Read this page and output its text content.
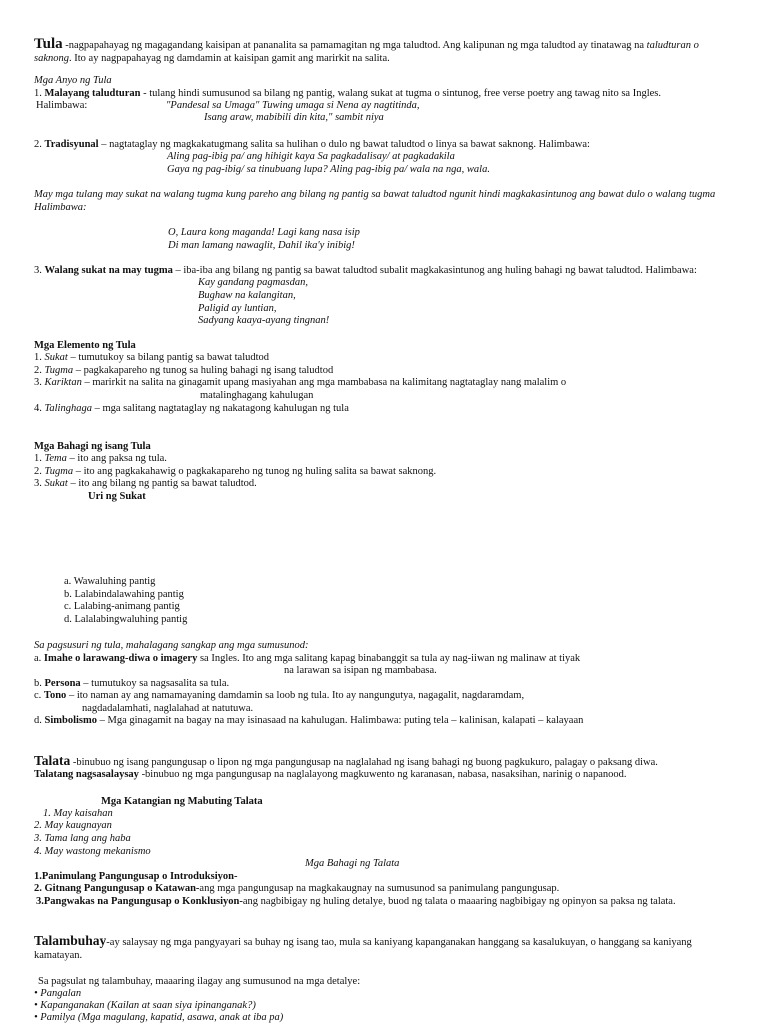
Tula -nagpapahayag ng magagandang kaisipan at pananalita sa pamamagitan ng mga taludtod. Ang kalipunan ng mga taludtod ay tinatawag na taludturan o saknong. Ito ay nagpapahayag ng damdamin at kaisipan gamit ang marirkit na salita.
Mga Anyo ng Tula
1. Malayang taludturan - tulang hindi sumusunod sa bilang ng pantig, walang sukat at tugma o sintunog, free verse poetry ang tawag nito sa Ingles.
Halimbawa:	"Pandesal sa Umaga" Tuwing umaga si Nena ay nagtitinda,
Isang araw, mabibili din kita," sambit niya
2. Tradisyunal – nagtataglay ng magkakatugmang salita sa hulihan o dulo ng bawat taludtod o linya sa bawat saknong. Halimbawa:
Aling pag-ibig pa/ ang hihigit kaya Sa pagkadalisay/ at pagkadakila
Gaya ng pag-ibig/ sa tinubuang lupa? Aling pag-ibig pa/ wala na nga, wala.
May mga tulang may sukat na walang tugma kung pareho ang bilang ng pantig sa bawat taludtod ngunit hindi magkakasintunog ang bawat dulo o walang tugma Halimbawa:
O, Laura kong maganda! Lagi kang nasa isip
Di man lamang nawaglit, Dahil ika'y inibig!
3. Walang sukat na may tugma – iba-iba ang bilang ng pantig sa bawat taludtod subalit magkakasintunog ang huling bahagi ng bawat taludtod. Halimbawa:
Kay gandang pagmasdan,
Bughaw na kalangitan,
Paligid ay luntian,
Sadyang kaaya-ayang tingnan!
Mga Elemento ng Tula
1. Sukat – tumutukoy sa bilang pantig sa bawat taludtod
2. Tugma – pagkakapareho ng tunog sa huling bahagi ng isang taludtod
3. Kariktan – marirkit na salita na ginagamit upang masiyahan ang mga mambabasa na kalimitang nagtataglay nang malalim o
matalinghagang kahulugan
4. Talinghaga – mga salitang nagtataglay ng nakatagong kahulugan ng tula
Mga Bahagi ng isang Tula
1. Tema – ito ang paksa ng tula.
2. Tugma – ito ang pagkakahawig o pagkakapareho ng tunog ng huling salita sa bawat saknong.
3. Sukat – ito ang bilang ng pantig sa bawat taludtod.
Uri ng Sukat
a. Wawaluhing pantig
b. Lalabindalawahing pantig
c. Lalabing-animang pantig
d. Lalalabingwaluhing pantig
Sa pagsusuri ng tula, mahalagang sangkap ang mga sumusunod:
a. Imahe o larawang-diwa o imagery sa Ingles. Ito ang mga salitang kapag binabanggit sa tula ay nag-iiwan ng malinaw at tiyak
na larawan sa isipan ng mambabasa.
b. Persona – tumutukoy sa nagsasalita sa tula.
c. Tono – ito naman ay ang namamayaning damdamin sa loob ng tula. Ito ay nangungutya, nagagalit, nagdaramdam,
nagdadalamhati, naglalahad at natutuwa.
d. Simbolismo – Mga ginagamit na bagay na may isinasaad na kahulugan. Halimbawa: puting tela – kalinisan, kalapati – kalayaan
Talata -binubuo ng isang pangungusap o lipon ng mga pangungusap na naglalahad ng isang bahagi ng buong pagkukuro, palagay o paksang diwa.
Talatang nagsasalaysay -binubuo ng mga pangungusap na naglalayong magkuwento ng karanasan, nabasa, nasaksihan, narinig o napanood.
Mga Katangian ng Mabuting Talata
1. May kaisahan
2. May kaugnayan
3. Tama lang ang haba
4. May wastong mekanismo
Mga Bahagi ng Talata
1.Panimulang Pangungusap o Introduksiyon-
2. Gitnang Pangungusap o Katawan-ang mga pangungusap na magkakaugnay na sumusunod sa panimulang pangungusap.
3.Pangwakas na Pangungusap o Konklusiyon-ang nagbibigay ng huling detalye, buod ng talata o maaaring nagbibigay ng opinyon sa paksa ng talata.
Talambuhay-ay salaysay ng mga pangyayari sa buhay ng isang tao, mula sa kaniyang kapanganakan hanggang sa kasalukuyan, o hanggang sa kaniyang kamatayan.
Sa pagsulat ng talambuhay, maaaring ilagay ang sumusunod na mga detalye:
• Pangalan
• Kapanganakan (Kailan at saan siya ipinanganak?)
• Pamilya (Mga magulang, kapatid, asawa, anak at iba pa)
